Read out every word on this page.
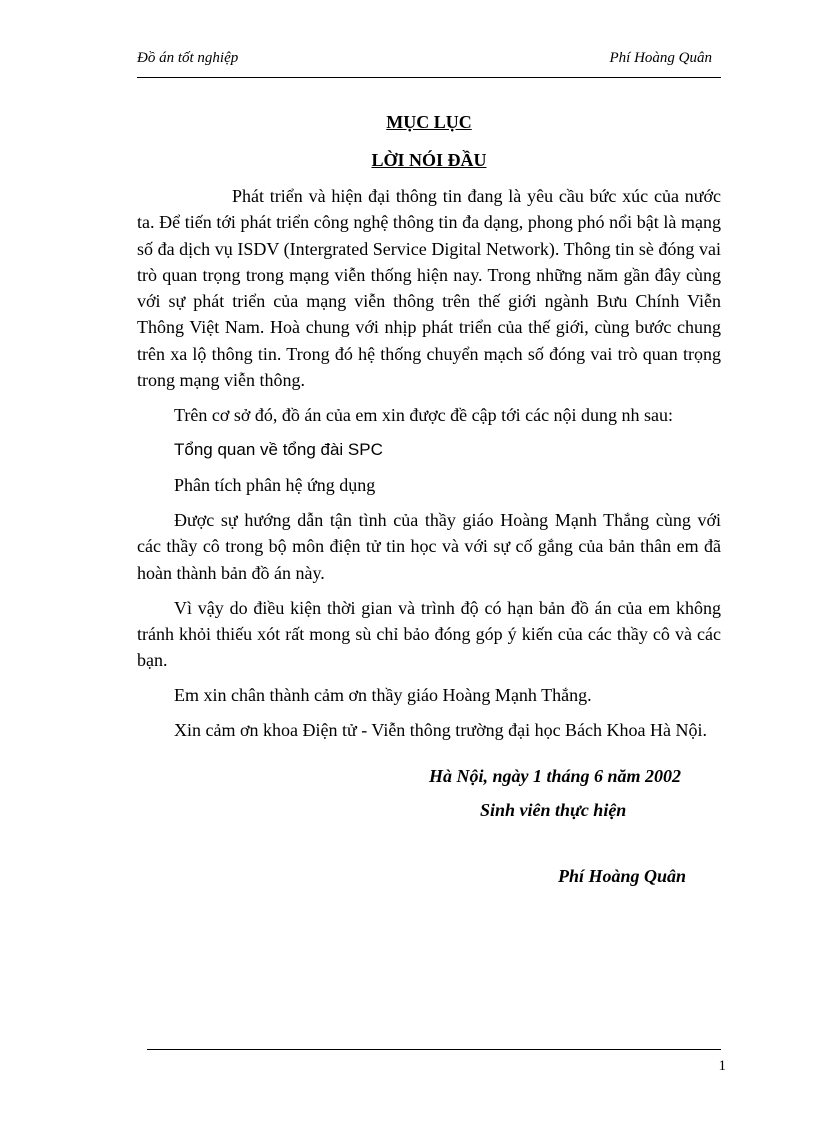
Đồ án tốt nghiệp	Phí Hoàng Quân
MỤC LỤC
LỜI NÓI ĐẦU

Phát triển và hiện đại thông tin đang là yêu cầu bức xúc của nước ta. Để tiến tới phát triển công nghệ thông tin đa dạng, phong phó nổi bật là mạng số đa dịch vụ ISDV (Intergrated Service Digital Network). Thông tin sè đóng vai trò quan trọng trong mạng viễn thống hiện nay. Trong những năm gần đây cùng với sự phát triển của mạng viễn thông trên thế giới ngành Bưu Chính Viễn Thông Việt Nam. Hoà chung với nhịp phát triển của thế giới, cùng bước chung trên xa lộ thông tin. Trong đó hệ thống chuyển mạch số đóng vai trò quan trọng trong mạng viễn thông.

Trên cơ sở đó, đồ án của em xin được đề cập tới các nội dung nh sau:

Tổng quan về tổng đài SPC

Phân tích phân hệ ứng dụng

Được sự hướng dẫn tận tình của thầy giáo Hoàng Mạnh Thắng cùng với các thầy cô trong bộ môn điện tử tin học và với sự cố gắng của bản thân em đã hoàn thành bản đồ án này.

Vì vậy do điều kiện thời gian và trình độ có hạn bản đồ án của em không tránh khỏi thiếu xót rất mong sù chỉ bảo đóng góp ý kiến của các thầy cô và các bạn.

Em xin chân thành cảm ơn thầy giáo Hoàng Mạnh Thắng.

Xin cảm ơn khoa Điện tử - Viễn thông trường đại học Bách Khoa Hà Nội.

Hà Nội, ngày 1 tháng 6 năm 2002
Sinh viên thực hiện
Phí Hoàng Quân
1
